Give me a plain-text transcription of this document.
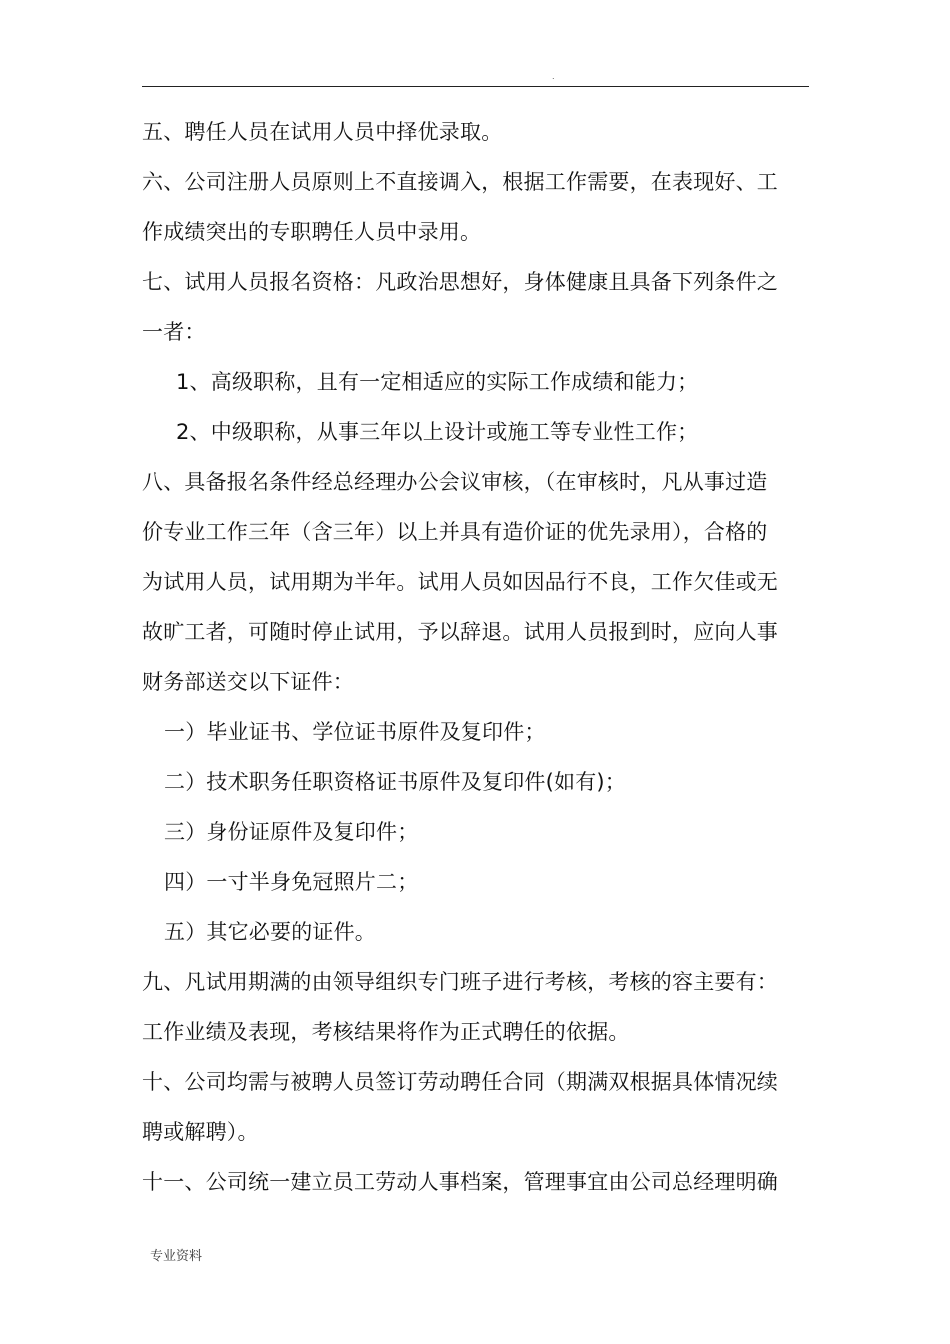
.
五、聘任人员在试用人员中择优录取。
六、公司注册人员原则上不直接调入，根据工作需要，在表现好、工
作成绩突出的专职聘任人员中录用。
七、试用人员报名资格：凡政治思想好，身体健康且具备下列条件之
一者：
1、高级职称，且有一定相适应的实际工作成绩和能力；
2、中级职称，从事三年以上设计或施工等专业性工作；
八、具备报名条件经总经理办公会议审核，（在审核时，凡从事过造
价专业工作三年（含三年）以上并具有造价证的优先录用），合格的
为试用人员，试用期为半年。试用人员如因品行不良，工作欠佳或无
故旷工者，可随时停止试用，予以辞退。试用人员报到时，应向人事
财务部送交以下证件：
一）毕业证书、学位证书原件及复印件；
二）技术职务任职资格证书原件及复印件(如有)；
三）身份证原件及复印件；
四）一寸半身免冠照片二；
五）其它必要的证件。
九、凡试用期满的由领导组织专门班子进行考核，考核的容主要有：
工作业绩及表现，考核结果将作为正式聘任的依据。
十、公司均需与被聘人员签订劳动聘任合同（期满双根据具体情况续
聘或解聘）。
十一、公司统一建立员工劳动人事档案，管理事宜由公司总经理明确
专业资料
